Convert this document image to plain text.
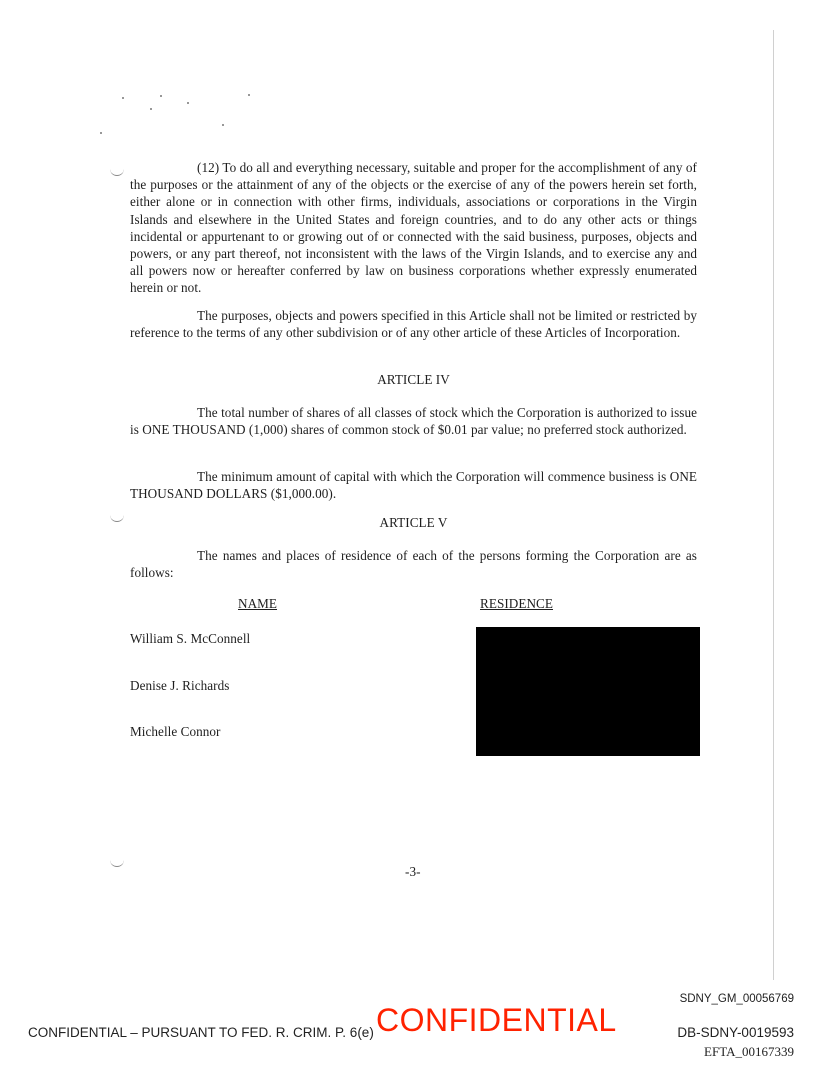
(12) To do all and everything necessary, suitable and proper for the accomplishment of any of the purposes or the attainment of any of the objects or the exercise of any of the powers herein set forth, either alone or in connection with other firms, individuals, associations or corporations in the Virgin Islands and elsewhere in the United States and foreign countries, and to do any other acts or things incidental or appurtenant to or growing out of or connected with the said business, purposes, objects and powers, or any part thereof, not inconsistent with the laws of the Virgin Islands, and to exercise any and all powers now or hereafter conferred by law on business corporations whether expressly enumerated herein or not.

The purposes, objects and powers specified in this Article shall not be limited or restricted by reference to the terms of any other subdivision or of any other article of these Articles of Incorporation.

ARTICLE IV

The total number of shares of all classes of stock which the Corporation is authorized to issue is ONE THOUSAND (1,000) shares of common stock of $0.01 par value; no preferred stock authorized.

The minimum amount of capital with which the Corporation will commence business is ONE THOUSAND DOLLARS ($1,000.00).

ARTICLE V

The names and places of residence of each of the persons forming the Corporation are as follows:

NAME	RESIDENCE
William S. McConnell
Denise J. Richards
Michelle Connor
-3-
SDNY_GM_00056769
CONFIDENTIAL – PURSUANT TO FED. R. CRIM. P. 6(e) CONFIDENTIAL	DB-SDNY-0019593
EFTA_00167339
